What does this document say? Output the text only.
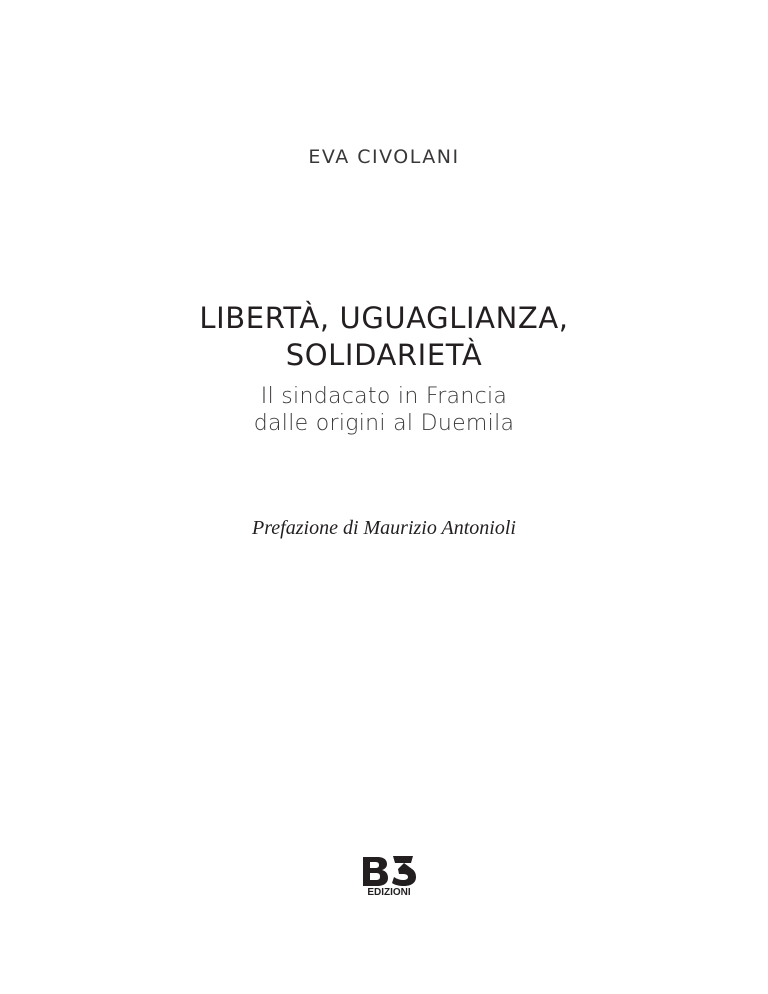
EVA CIVOLANI
LIBERTÀ, UGUAGLIANZA,
SOLIDARIETÀ
Il sindacato in Francia
dalle origini al Duemila
Prefazione di Maurizio Antonioli
EDIZIONI
